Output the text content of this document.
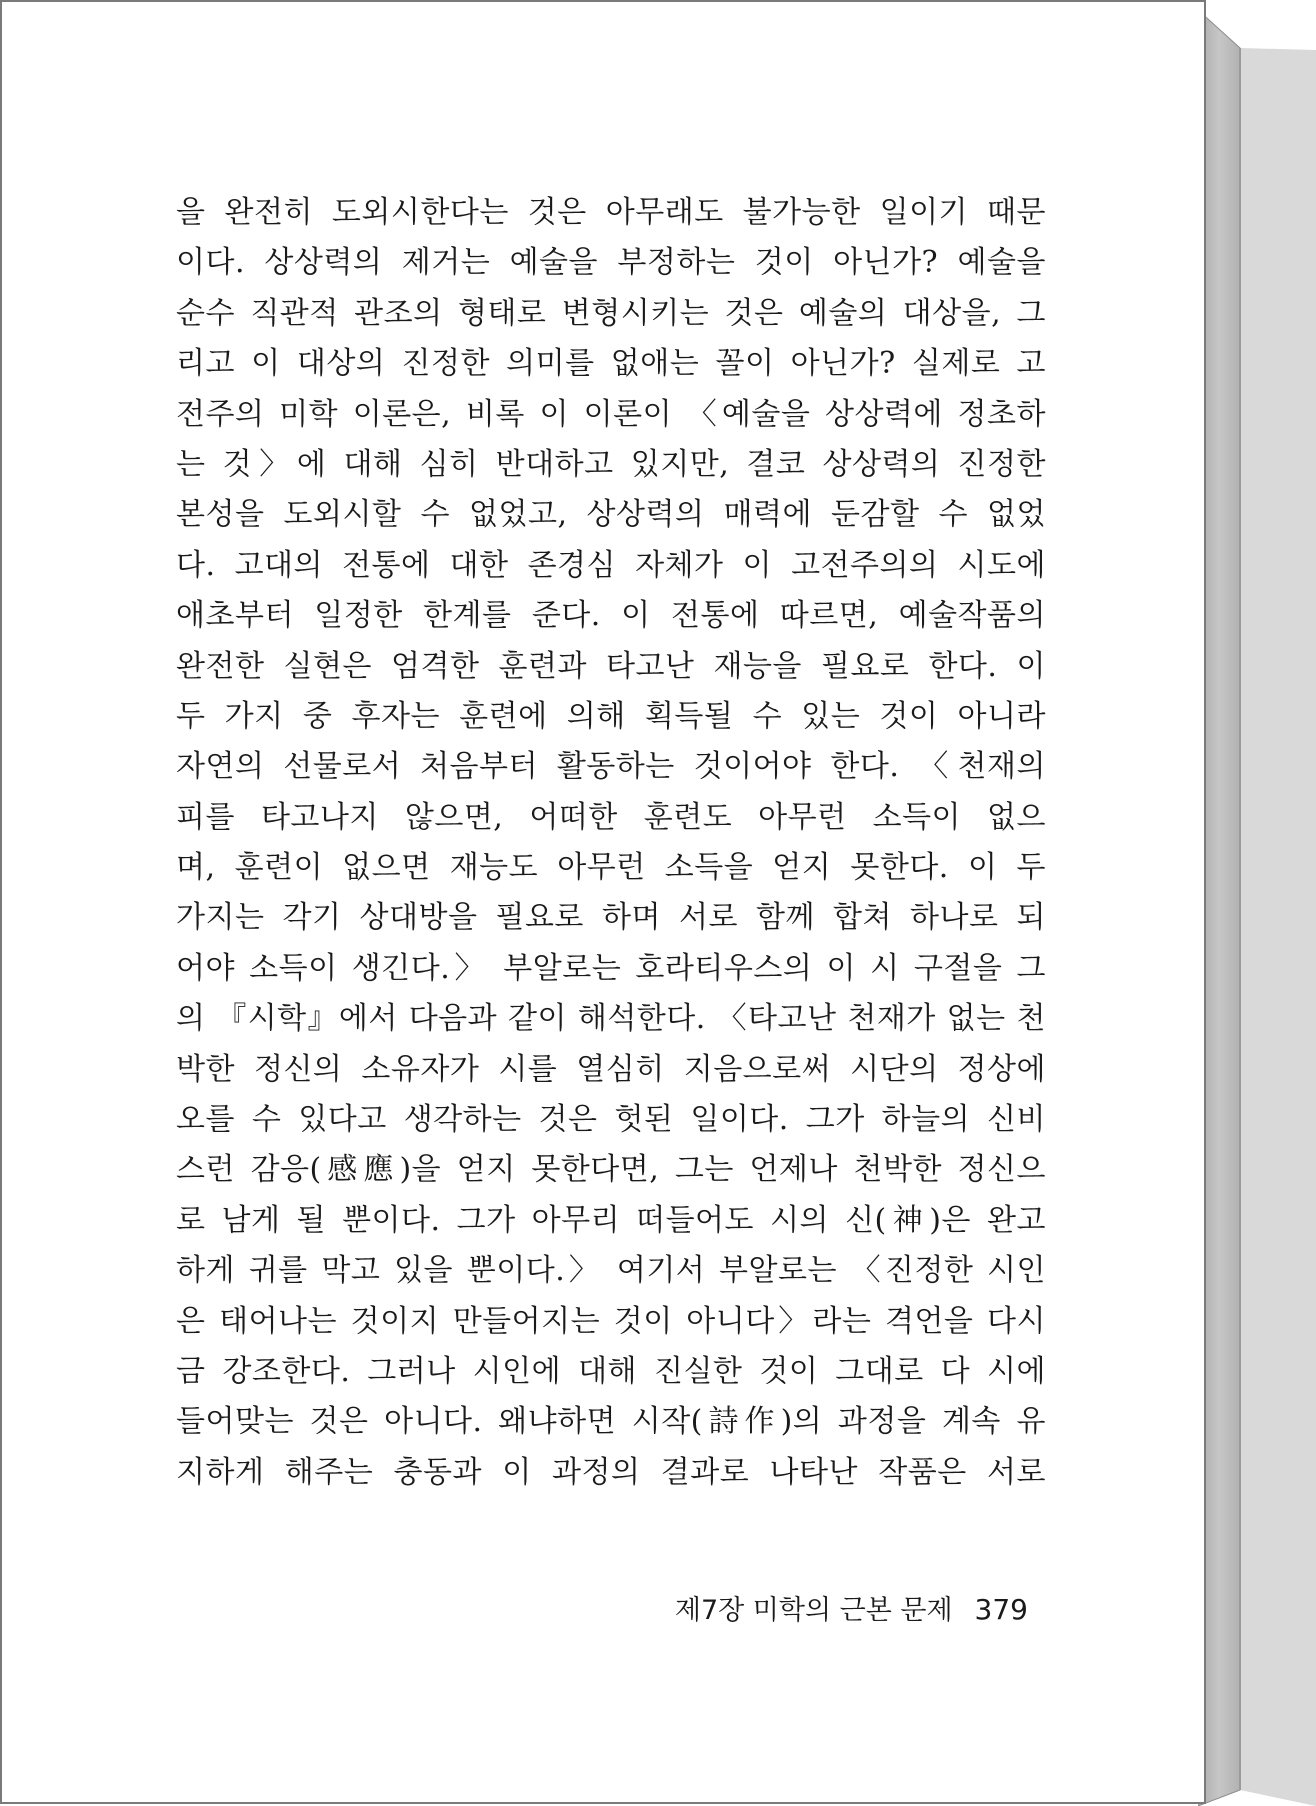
을 완전히 도외시한다는 것은 아무래도 불가능한 일이기 때문
이다. 상상력의 제거는 예술을 부정하는 것이 아닌가? 예술을
순수 직관적 관조의 형태로 변형시키는 것은 예술의 대상을, 그
리고 이 대상의 진정한 의미를 없애는 꼴이 아닌가? 실제로 고
전주의 미학 이론은, 비록 이 이론이 〈예술을 상상력에 정초하
는 것〉에 대해 심히 반대하고 있지만, 결코 상상력의 진정한
본성을 도외시할 수 없었고, 상상력의 매력에 둔감할 수 없었
다. 고대의 전통에 대한 존경심 자체가 이 고전주의의 시도에
애초부터 일정한 한계를 준다. 이 전통에 따르면, 예술작품의
완전한 실현은 엄격한 훈련과 타고난 재능을 필요로 한다. 이
두 가지 중 후자는 훈련에 의해 획득될 수 있는 것이 아니라
자연의 선물로서 처음부터 활동하는 것이어야 한다. 〈천재의
피를 타고나지 않으면, 어떠한 훈련도 아무런 소득이 없으
며, 훈련이 없으면 재능도 아무런 소득을 얻지 못한다. 이 두
가지는 각기 상대방을 필요로 하며 서로 함께 합쳐 하나로 되
어야 소득이 생긴다.〉 부알로는 호라티우스의 이 시 구절을 그
의 『시학』에서 다음과 같이 해석한다. 〈타고난 천재가 없는 천
박한 정신의 소유자가 시를 열심히 지음으로써 시단의 정상에
오를 수 있다고 생각하는 것은 헛된 일이다. 그가 하늘의 신비
스런 감응(感應)을 얻지 못한다면, 그는 언제나 천박한 정신으
로 남게 될 뿐이다. 그가 아무리 떠들어도 시의 신(神)은 완고
하게 귀를 막고 있을 뿐이다.〉 여기서 부알로는 〈진정한 시인
은 태어나는 것이지 만들어지는 것이 아니다〉라는 격언을 다시
금 강조한다. 그러나 시인에 대해 진실한 것이 그대로 다 시에
들어맞는 것은 아니다. 왜냐하면 시작(詩作)의 과정을 계속 유
지하게 해주는 충동과 이 과정의 결과로 나타난 작품은 서로
제7장 미학의 근본 문제 379
